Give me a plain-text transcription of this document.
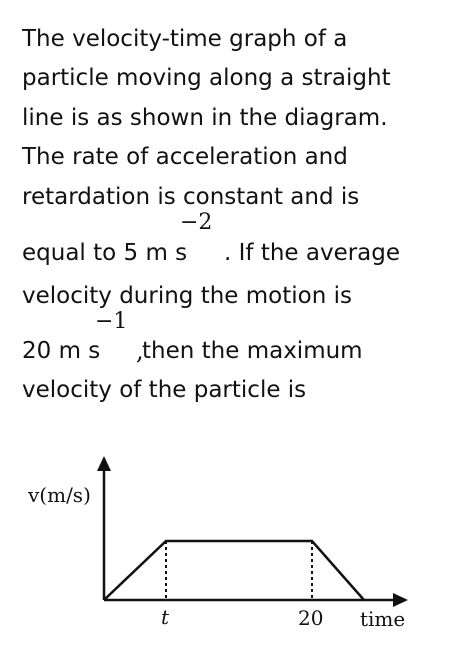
The velocity-time graph of a
particle moving along a straight
line is as shown in the diagram.
The rate of acceleration and
retardation is constant and is
equal to 5 m s
−2
. If the average
velocity during the motion is
20 m s
−1
,
then the maximum
velocity of the particle is
v(m/s)
t	20 time
